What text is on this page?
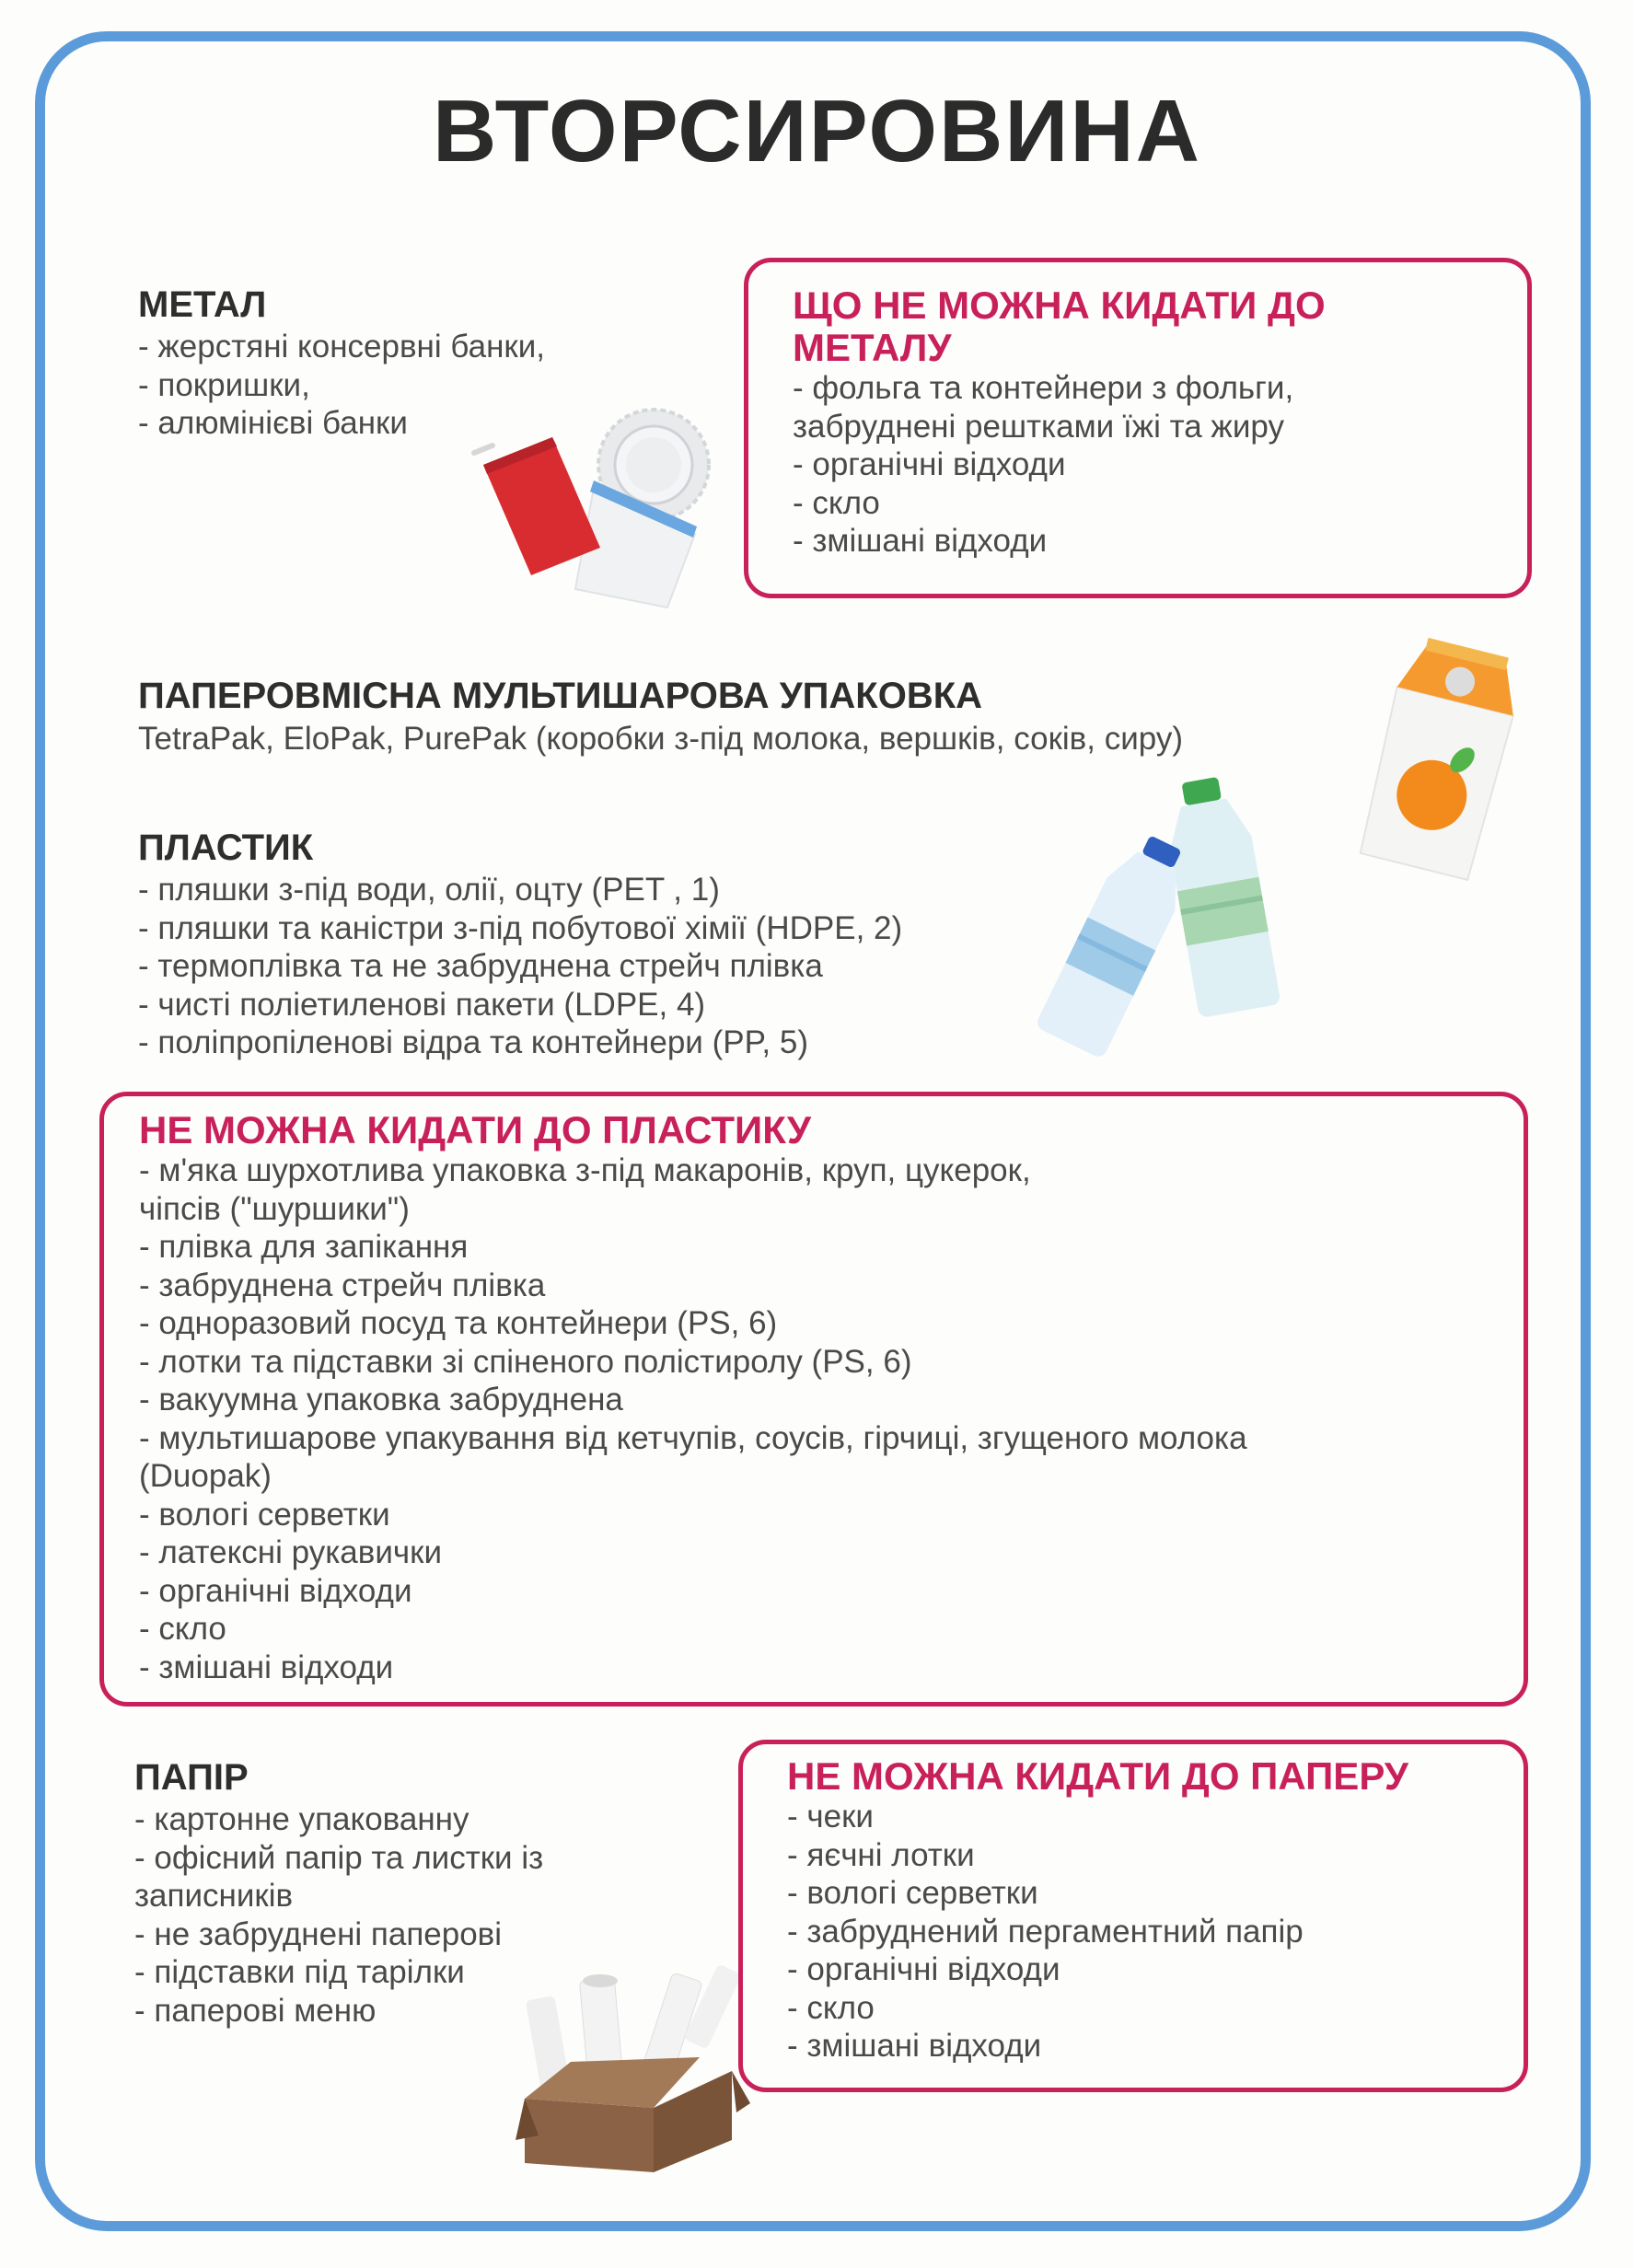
ВТОРСИРОВИНА
МЕТАЛ
- жерстяні консервні банки,
- покришки,
- алюмінієві банки
ЩО НЕ МОЖНА КИДАТИ ДО
МЕТАЛУ
- фольга та контейнери з фольги,
забруднені рештками їжі та жиру
- органічні відходи
- скло
- змішані відходи
ПАПЕРОВМІСНА МУЛЬТИШАРОВА УПАКОВКА
TetraPak, EloPak, PurePak (коробки з-під молока, вершків, соків, сиру)
ПЛАСТИК
- пляшки з-під води, олії, оцту (PET , 1)
- пляшки та каністри з-під побутової хімії (HDPE, 2)
- термоплівка та не забруднена стрейч плівка
- чисті поліетиленові пакети (LDPE, 4)
- поліпропіленові відра та контейнери (PP, 5)
НЕ МОЖНА КИДАТИ ДО ПЛАСТИКУ
- м'яка шурхотлива упаковка з-під макаронів, круп, цукерок,
чіпсів ("шуршики")
- плівка для запікання
- забруднена стрейч плівка
- одноразовий посуд та контейнери (PS, 6)
- лотки та підставки зі спіненого полістиролу (PS, 6)
- вакуумна упаковка забруднена
- мультишарове упакування від кетчупів, соусів, гірчиці, згущеного молока
(Duopak)
- вологі серветки
- латексні рукавички
- органічні відходи
- скло
- змішані відходи
ПАПІР
- картонне упакованну
- офісний папір та листки із
записників
- не забруднені паперові
- підставки під тарілки
- паперові меню
НЕ МОЖНА КИДАТИ ДО ПАПЕРУ
- чеки
- яєчні лотки
- вологі серветки
- забруднений пергаментний папір
- органічні відходи
- скло
- змішані відходи
